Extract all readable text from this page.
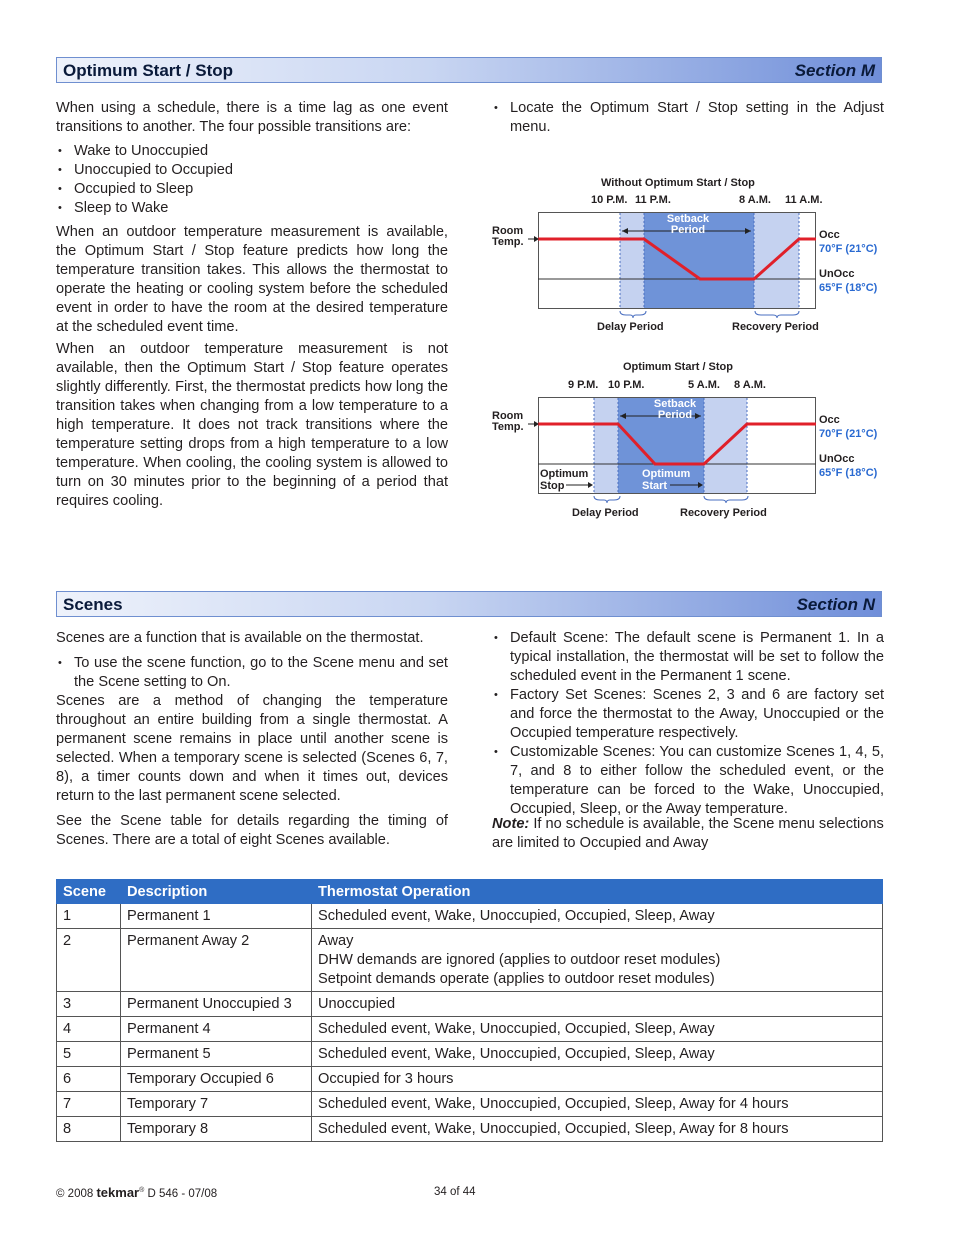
Optimum Start / Stop	Section M
When using a schedule, there is a time lag as one event transitions to another. The four possible transitions are:
• Wake to Unoccupied
• Unoccupied to Occupied
• Occupied to Sleep
• Sleep to Wake
When an outdoor temperature measurement is available, the Optimum Start / Stop feature predicts how long the temperature transition takes. This allows the thermostat to operate the heating or cooling system before the scheduled event in order to have the room at the desired temperature at the scheduled event time.
When an outdoor temperature measurement is not available, then the Optimum Start / Stop feature operates slightly differently. First, the thermostat predicts how long the transition takes when changing from a low temperature to a high temperature. It does not track transitions where the temperature setting drops from a high temperature to a low temperature. When cooling, the cooling system is allowed to turn on 30 minutes prior to the beginning of a period that requires cooling.
• Locate the Optimum Start / Stop setting in the Adjust menu.
Without Optimum Start / Stop
10 P.M. 11 P.M.	8 A.M. 11 A.M.
Setback Period
Room Temp.
Occ
70°F (21°C)
UnOcc
65°F (18°C)
Delay Period	Recovery Period
Optimum Start / Stop
9 P.M. 10 P.M.	5 A.M. 8 A.M.
Setback Period
Room Temp.
Optimum Stop
Optimum Start
Occ
70°F (21°C)
UnOcc
65°F (18°C)
Delay Period	Recovery Period
Scenes	Section N
Scenes are a function that is available on the thermostat.
• To use the scene function, go to the Scene menu and set the Scene setting to On.
Scenes are a method of changing the temperature throughout an entire building from a single thermostat. A permanent scene remains in place until another scene is selected. When a temporary scene is selected (Scenes 6, 7, 8), a timer counts down and when it times out, devices return to the last permanent scene selected.
See the Scene table for details regarding the timing of Scenes. There are a total of eight Scenes available.
• Default Scene: The default scene is Permanent 1. In a typical installation, the thermostat will be set to follow the scheduled event in the Permanent 1 scene.
• Factory Set Scenes: Scenes 2, 3 and 6 are factory set and force the thermostat to the Away, Unoccupied or the Occupied temperature respectively.
• Customizable Scenes: You can customize Scenes 1, 4, 5, 7, and 8 to either follow the scheduled event, or the temperature can be forced to the Wake, Unoccupied, Occupied, Sleep, or the Away temperature.
Note: If no schedule is available, the Scene menu selections are limited to Occupied and Away
Scene	Description	Thermostat Operation
1	Permanent 1	Scheduled event, Wake, Unoccupied, Occupied, Sleep, Away
2	Permanent Away 2	Away
DHW demands are ignored (applies to outdoor reset modules)
Setpoint demands operate (applies to outdoor reset modules)

3	Permanent Unoccupied 3	Unoccupied
4	Permanent 4	Scheduled event, Wake, Unoccupied, Occupied, Sleep, Away
5	Permanent 5	Scheduled event, Wake, Unoccupied, Occupied, Sleep, Away
6	Temporary Occupied 6	Occupied for 3 hours
7	Temporary 7	Scheduled event, Wake, Unoccupied, Occupied, Sleep, Away for 4 hours
8	Temporary 8	Scheduled event, Wake, Unoccupied, Occupied, Sleep, Away for 8 hours
© 2008 tekmar® D 546 - 07/08	34 of 44
